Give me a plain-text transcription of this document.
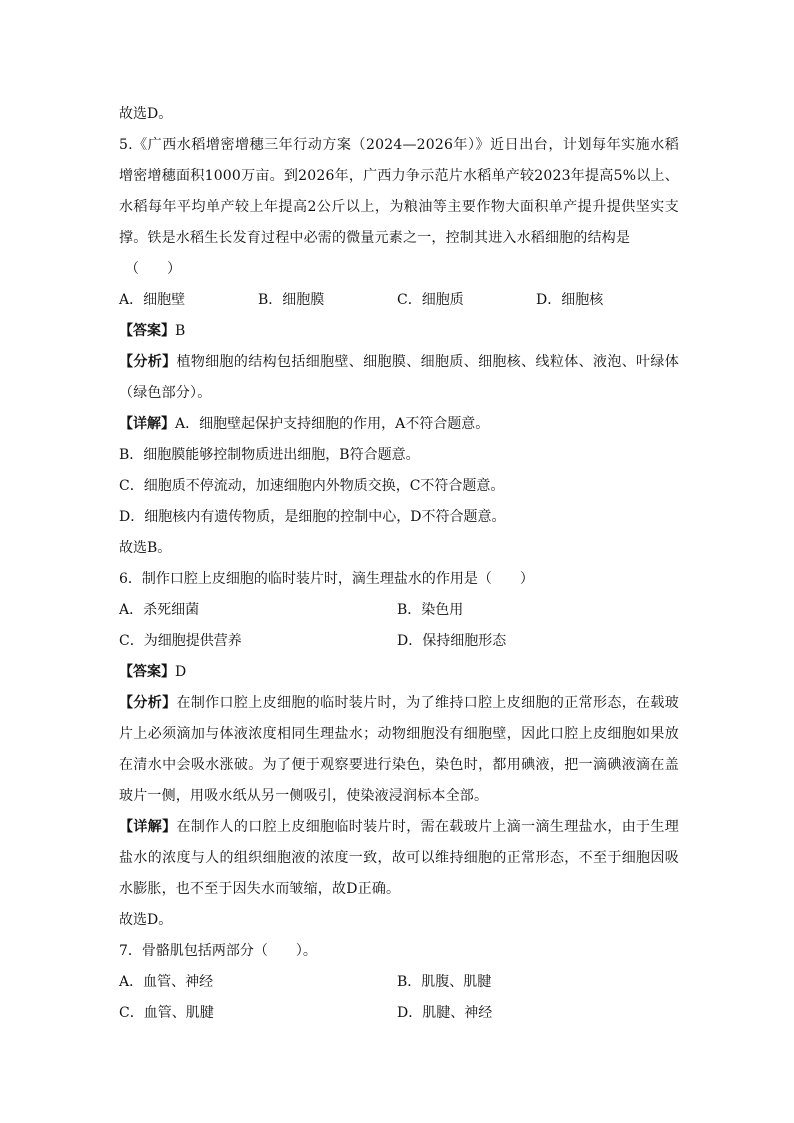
故选D。
5.《广西水稻增密增穗三年行动方案（2024—2026年）》近日出台，计划每年实施水稻增密增穗面积1000万亩。到2026年，广西力争示范片水稻单产较2023年提高5%以上、水稻每年平均单产较上年提高2公斤以上，为粮油等主要作物大面积单产提升提供坚实支撑。铁是水稻生长发育过程中必需的微量元素之一，控制其进入水稻细胞的结构是
（　　）
A．细胞壁	B．细胞膜	C．细胞质	D．细胞核
【答案】B
【分析】植物细胞的结构包括细胞壁、细胞膜、细胞质、细胞核、线粒体、液泡、叶绿体（绿色部分）。
【详解】A．细胞壁起保护支持细胞的作用，A不符合题意。
B．细胞膜能够控制物质进出细胞，B符合题意。
C．细胞质不停流动，加速细胞内外物质交换，C不符合题意。
D．细胞核内有遗传物质，是细胞的控制中心，D不符合题意。
故选B。
6．制作口腔上皮细胞的临时装片时，滴生理盐水的作用是（　　）
A．杀死细菌	B．染色用
C．为细胞提供营养	D．保持细胞形态
【答案】D
【分析】在制作口腔上皮细胞的临时装片时，为了维持口腔上皮细胞的正常形态，在载玻片上必须滴加与体液浓度相同生理盐水；动物细胞没有细胞壁，因此口腔上皮细胞如果放在清水中会吸水涨破。为了便于观察要进行染色，染色时，都用碘液，把一滴碘液滴在盖玻片一侧，用吸水纸从另一侧吸引，使染液浸润标本全部。
【详解】在制作人的口腔上皮细胞临时装片时，需在载玻片上滴一滴生理盐水，由于生理盐水的浓度与人的组织细胞液的浓度一致，故可以维持细胞的正常形态，不至于细胞因吸水膨胀，也不至于因失水而皱缩，故D正确。
故选D。
7．骨骼肌包括两部分（　　）。
A．血管、神经	B．肌腹、肌腱
C．血管、肌腱	D．肌腱、神经
